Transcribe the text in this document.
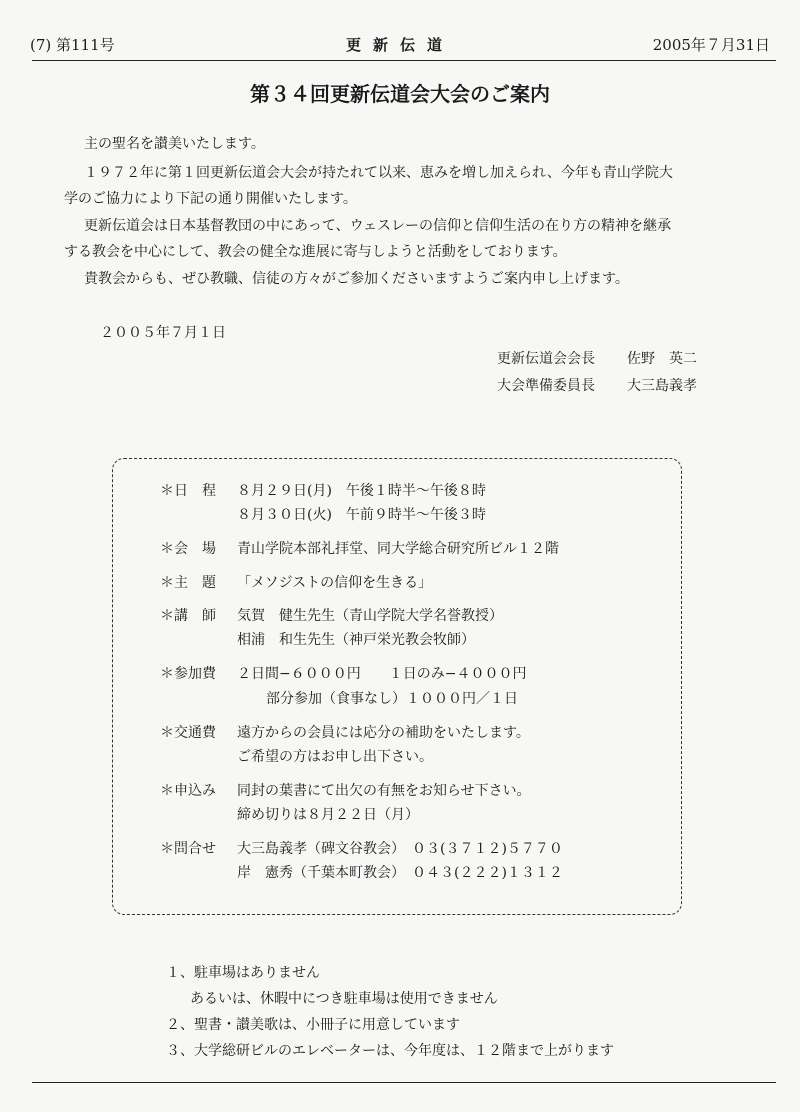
(7) 第111号	更新伝道	2005年７月31日
第３４回更新伝道会大会のご案内
主の聖名を讃美いたします。
１９７２年に第１回更新伝道会大会が持たれて以来、恵みを増し加えられ、今年も青山学院大
学のご協力により下記の通り開催いたします。
更新伝道会は日本基督教団の中にあって、ウェスレーの信仰と信仰生活の在り方の精神を継承
する教会を中心にして、教会の健全な進展に寄与しようと活動をしております。
貴教会からも、ぜひ教職、信徒の方々がご参加くださいますようご案内申し上げます。
２００５年７月１日
更新伝道会会長 佐野　英二
大会準備委員長 大三島義孝
＊日　程 ８月２９日(月)　午後１時半〜午後８時
８月３０日(火)　午前９時半〜午後３時
＊会　場 青山学院本部礼拝堂、同大学総合研究所ビル１２階
＊主　題 「メソジストの信仰を生きる」
＊講　師 気賀　健生先生（青山学院大学名誉教授）
相浦　和生先生（神戸栄光教会牧師）
＊参加費 ２日間−６０００円　　１日のみ−４０００円
　部分参加（食事なし）１０００円／１日
＊交通費 遠方からの会員には応分の補助をいたします。
ご希望の方はお申し出下さい。
＊申込み 同封の葉書にて出欠の有無をお知らせ下さい。
締め切りは８月２２日（月）
＊問合せ 大三島義孝（碑文谷教会）　０３(３７１２)５７７０
岸　憲秀（千葉本町教会）　０４３(２２２)１３１２
１、駐車場はありません
あるいは、休暇中につき駐車場は使用できません
２、聖書・讃美歌は、小冊子に用意しています
３、大学総研ビルのエレベーターは、今年度は、１２階まで上がります
